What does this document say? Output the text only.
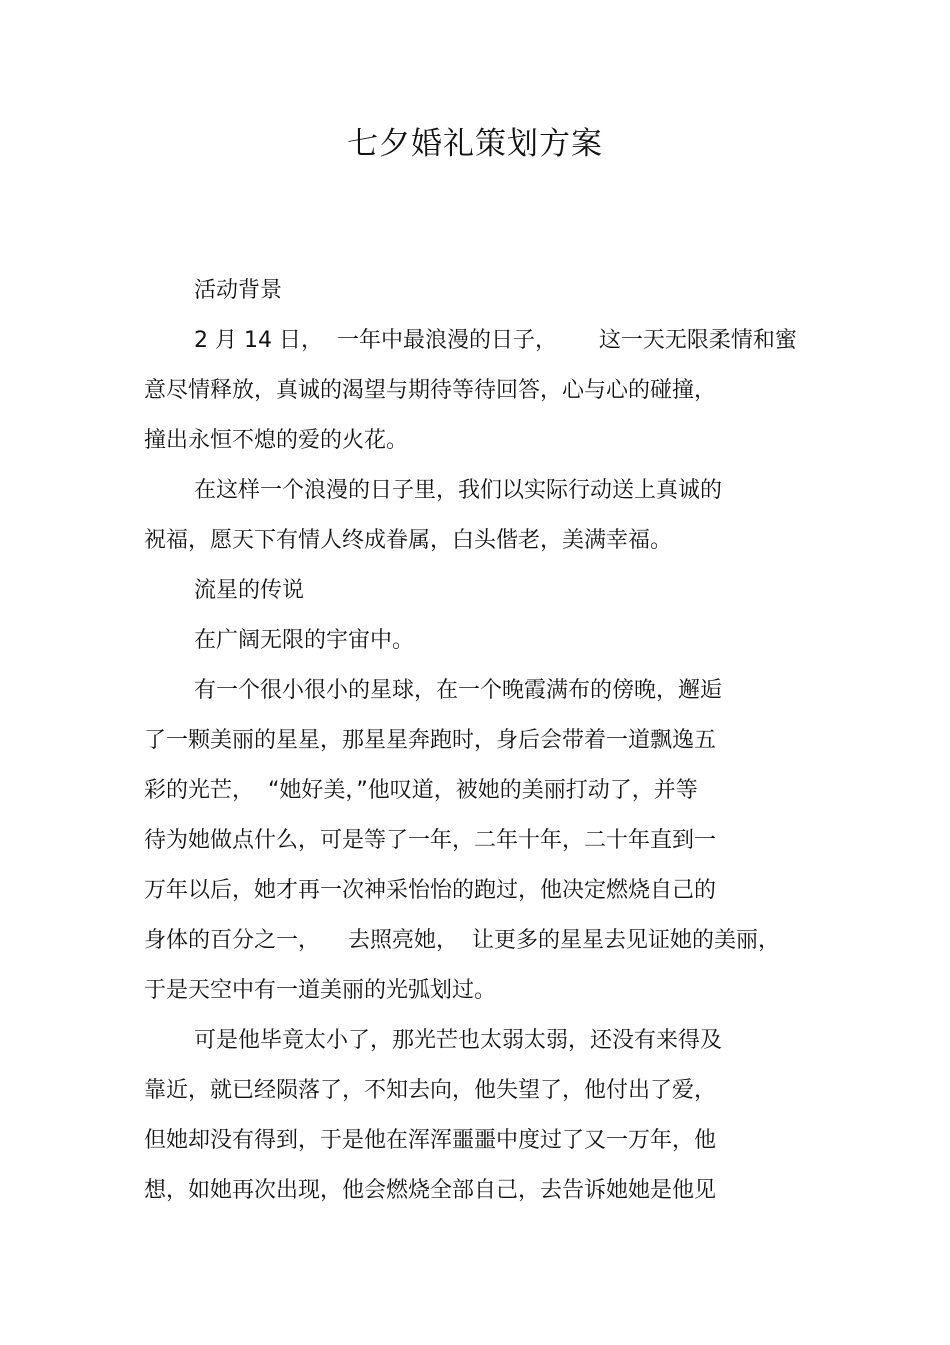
七夕婚礼策划方案
活动背景
2 月 14 日，  一年中最浪漫的日子，      这一天无限柔情和蜜
意尽情释放，真诚的渴望与期待等待回答，心与心的碰撞，
撞出永恒不熄的爱的火花。
在这样一个浪漫的日子里，我们以实际行动送上真诚的
祝福，愿天下有情人终成眷属，白头偕老，美满幸福。
流星的传说
在广阔无限的宇宙中。
有一个很小很小的星球，在一个晚霞满布的傍晚，邂逅
了一颗美丽的星星，那星星奔跑时，身后会带着一道飘逸五
彩的光芒，  “她好美，”他叹道，被她的美丽打动了，并等
待为她做点什么，可是等了一年，二年十年，二十年直到一
万年以后，她才再一次神采怡怡的跑过，他决定燃烧自己的
身体的百分之一，    去照亮她，  让更多的星星去见证她的美丽，
于是天空中有一道美丽的光弧划过。
可是他毕竟太小了，那光芒也太弱太弱，还没有来得及
靠近，就已经陨落了，不知去向，他失望了，他付出了爱，
但她却没有得到，于是他在浑浑噩噩中度过了又一万年，他
想，如她再次出现，他会燃烧全部自己，去告诉她她是他见
